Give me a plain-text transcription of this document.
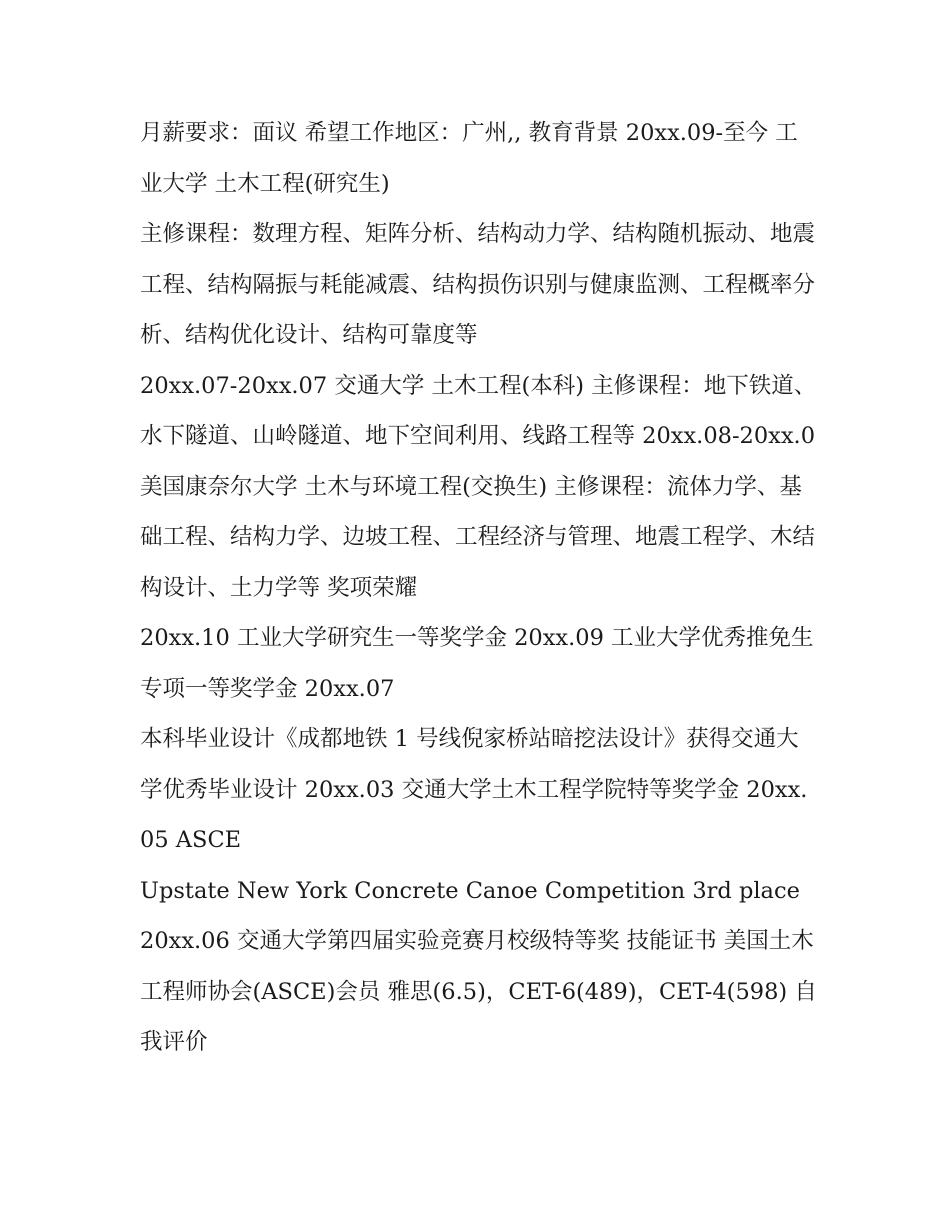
月薪要求：面议 希望工作地区：广州,, 教育背景 20xx.09-至今 工业大学 土木工程(研究生)

主修课程：数理方程、矩阵分析、结构动力学、结构随机振动、地震工程、结构隔振与耗能减震、结构损伤识别与健康监测、工程概率分析、结构优化设计、结构可靠度等

20xx.07-20xx.07 交通大学 土木工程(本科) 主修课程：地下铁道、水下隧道、山岭隧道、地下空间利用、线路工程等 20xx.08-20xx.0

美国康奈尔大学 土木与环境工程(交换生) 主修课程：流体力学、基础工程、结构力学、边坡工程、工程经济与管理、地震工程学、木结构设计、土力学等 奖项荣耀

20xx.10 工业大学研究生一等奖学金 20xx.09 工业大学优秀推免生专项一等奖学金 20xx.07

本科毕业设计《成都地铁 1 号线倪家桥站暗挖法设计》获得交通大学优秀毕业设计 20xx.03 交通大学土木工程学院特等奖学金 20xx.05 ASCE

Upstate New York Concrete Canoe Competition 3rd place 20xx.06 交通大学第四届实验竞赛月校级特等奖 技能证书 美国土木工程师协会(ASCE)会员 雅思(6.5)，CET-6(489)，CET-4(598) 自我评价
